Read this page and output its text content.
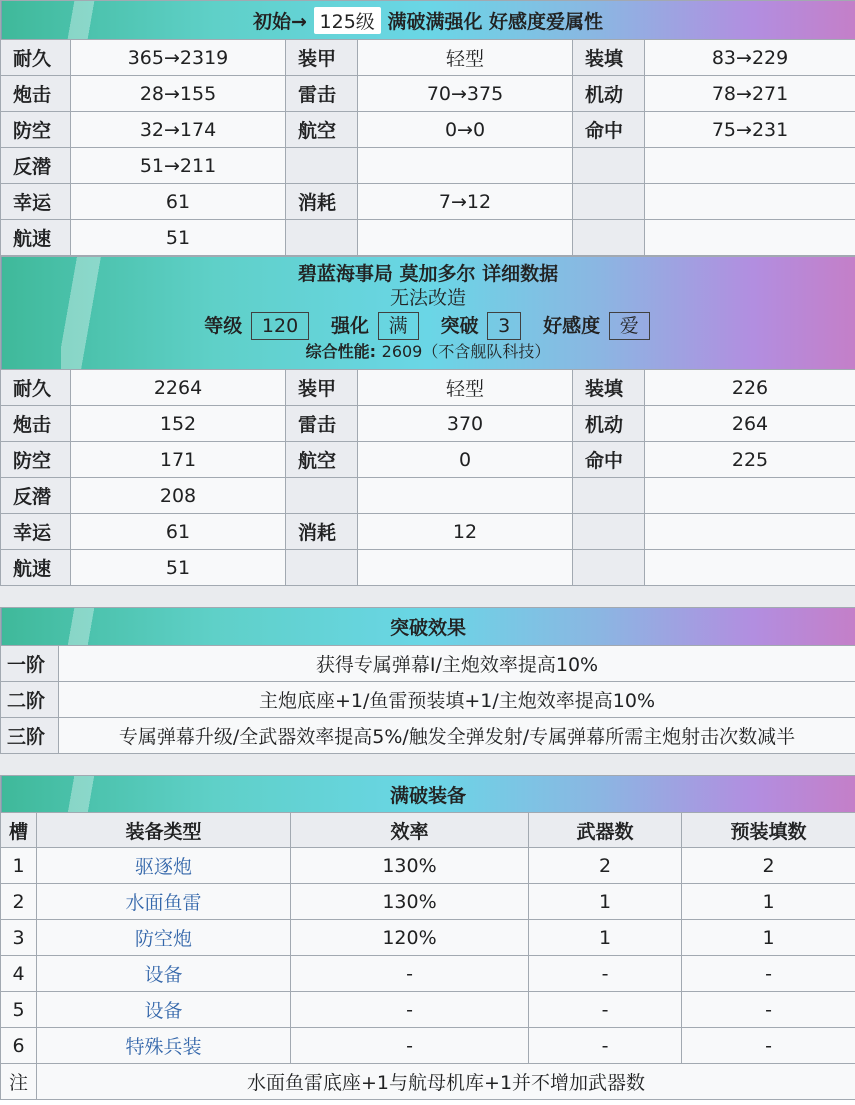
初始→ 125级 满破满强化 好感度爱属性					
耐久	365→2319	装甲	轻型	装填	83→229
炮击	28→155	雷击	70→375	机动	78→271
防空	32→174	航空	0→0	命中	75→231
反潜	51→211				
幸运	61	消耗	7→12		
航速	51				
碧蓝海事局 莫加多尔 详细数据
无法改造
等级 120 强化 满 突破 3 好感度 爱
综合性能: 2609（不含舰队科技）					

耐久	2264	装甲	轻型	装填	226
炮击	152	雷击	370	机动	264
防空	171	航空	0	命中	225
反潜	208				
幸运	61	消耗	12		
航速	51				
突破效果	
一阶	获得专属弹幕I/主炮效率提高10%
二阶	主炮底座+1/鱼雷预装填+1/主炮效率提高10%
三阶	专属弹幕升级/全武器效率提高5%/触发全弹发射/专属弹幕所需主炮射击次数减半
满破装备				
槽	装备类型	效率	武器数	预装填数
1	驱逐炮	130%	2	2
2	水面鱼雷	130%	1	1
3	防空炮	120%	1	1
4	设备	-	-	-
5	设备	-	-	-
6	特殊兵装	-	-	-
注	水面鱼雷底座+1与航母机库+1并不增加武器数			
